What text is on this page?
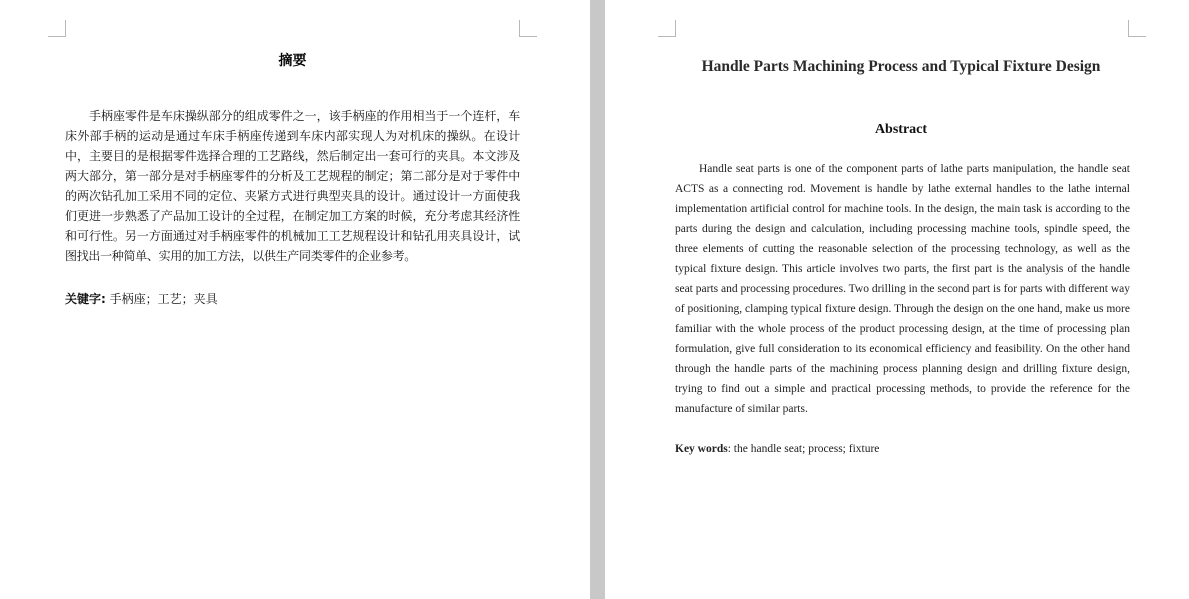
摘要

手柄座零件是车床操纵部分的组成零件之一，该手柄座的作用相当于一个连杆，车床外部手柄的运动是通过车床手柄座传递到车床内部实现人为对机床的操纵。在设计中，主要目的是根据零件选择合理的工艺路线，然后制定出一套可行的夹具。本文涉及两大部分，第一部分是对手柄座零件的分析及工艺规程的制定；第二部分是对于零件中的两次钻孔加工采用不同的定位、夹紧方式进行典型夹具的设计。通过设计一方面使我们更进一步熟悉了产品加工设计的全过程，在制定加工方案的时候，充分考虑其经济性和可行性。另一方面通过对手柄座零件的机械加工工艺规程设计和钻孔用夹具设计，试图找出一种简单、实用的加工方法，以供生产同类零件的企业参考。

关键字: 手柄座；工艺；夹具

Handle Parts Machining Process and Typical Fixture Design
Abstract

Handle seat parts is one of the component parts of lathe parts manipulation, the handle seat ACTS as a connecting rod. Movement is handle by lathe external handles to the lathe internal implementation artificial control for machine tools. In the design, the main task is according to the parts during the design and calculation, including processing machine tools, spindle speed, the three elements of cutting the reasonable selection of the processing technology, as well as the typical fixture design. This article involves two parts, the first part is the analysis of the handle seat parts and processing procedures. Two drilling in the second part is for parts with different way of positioning, clamping typical fixture design. Through the design on the one hand, make us more familiar with the whole process of the product processing design, at the time of processing plan formulation, give full consideration to its economical efficiency and feasibility. On the other hand through the handle parts of the machining process planning design and drilling fixture design, trying to find out a simple and practical processing methods, to provide the reference for the manufacture of similar parts.

Key words: the handle seat; process; fixture
